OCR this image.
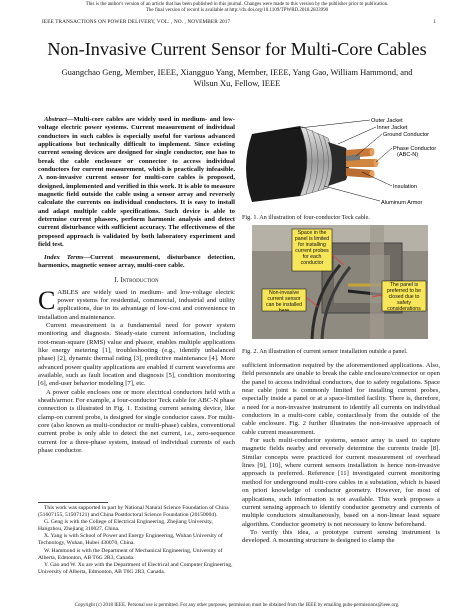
This is the author's version of an article that has been published in this journal. Changes were made to this version by the publisher prior to publication.
The final version of record is available at http://dx.doi.org/10.1109/TPWRD.2018.2833990
IEEE TRANSACTIONS ON POWER DELIVERY, VOL. , NO. , NOVEMBER 2017	1
Non-Invasive Current Sensor for Multi-Core Cables
Guangchao Geng, Member, IEEE, Xiangguo Yang, Member, IEEE, Yang Gao, William Hammond, and
Wilsun Xu, Fellow, IEEE

Abstract—Multi-core cables are widely used in medium- and low-voltage electric power systems. Current measurement of individual conductors in such cables is especially useful for various advanced applications but technically difficult to implement. Since existing current sensing devices are designed for single conductor, one has to break the cable enclosure or connector to access individual conductors for current measurement, which is practically infeasible. A non-invasive current sensor for multi-core cables is proposed, designed, implemented and verified in this work. It is able to measure magnetic field outside the cable using a sensor array and reversely calculate the currents on individual conductors. It is easy to install and adapt multiple cable specifications. Such device is able to determine current phasors, perform harmonic analysis and detect current disturbance with sufficient accuracy. The effectiveness of the proposed approach is validated by both laboratory experiment and field test.

Index Terms—Current measurement, disturbance detection, harmonics, magnetic sensor array, multi-core cable.
I. Introduction

CABLES are widely used in medium- and low-voltage electric power systems for residential, commercial, industrial and utility applications, due to its advantage of low-cost and convenience in installation and maintenance.

Current measurement is a fundamental need for power system monitoring and diagnosis. Steady-state current information, including root-mean-square (RMS) value and phasor, enables multiple applications like energy metering [1], troubleshooting (e.g., identify unbalanced phase) [2], dynamic thermal rating [3], predictive maintenance [4]. More advanced power quality applications are enabled if current waveforms are available, such as fault location and diagnosis [5], condition monitoring [6], end-user behavior modeling [7], etc.

A power cable encloses one or more electrical conductors held with a sheath/armor. For example, a four-conductor Teck cable for ABC-N phase connection is illustrated in Fig. 1. Existing current sensing device, like clamp-on current probe, is designed for single conductor cases. For multi-core (also known as multi-conductor or multi-phase) cables, conventional current probe is only able to detect the net current, i.e., zero-sequence current for a three-phase system, instead of individual currents of each phase conductor.

This work was supported in part by National Natural Science Foundation of China (51607155, 51507121) and China Postdoctoral Science Foundation (20150004).

G. Geng is with the College of Electrical Engineering, Zhejiang University, Hangzhou, Zhejiang 310027, China.

X. Yang is with School of Power and Energy Engineering, Wuhan University of Technology, Wuhan, Hubei 430070, China.

W. Hammond is with the Department of Mechanical Engineering, University of Alberta, Edmonton, AB T6G 2R3, Canada.

Y. Gao and W. Xu are with the Department of Electrical and Computer Engineering, University of Alberta, Edmonton, AB T6G 2R3, Canada.

Outer Jacket
Inner Jacket
Ground Conductor
Phase Conductor
(ABC-N)
Insulation
Aluminum Armor
Fig. 1. An illustration of four-conductor Teck cable.
Space in the panel is limited for installing current probes for each conductor
Non-invasive current sensor can be installed here
The panel is preferred to be closed due to safety considerations
Fig. 2. An illustration of current sensor installation outside a panel.

sufficient information required by the aforementioned applications. Also, field personnels are unable to break the cable enclosure/connector or open the panel to access individual conductors, due to safety regulations. Space near cable joint is commonly limited for installing current probes, especially inside a panel or at a space-limited facility. There is, therefore, a need for a non-invasive instrument to identify all currents on individual conductors in a multi-core cable, contactlessly from the outside of the cable enclosure. Fig. 2 further illustrates the non-invasive approach of cable current measurement.

For such multi-conductor systems, sensor array is used to capture magnetic fields nearby and reversely determine the currents inside [8]. Similar concepts were practiced for current measurement of overhead lines [9], [10], where current sensors installation is hence non-invasive approach is preferred. Reference [11] investigated current monitoring method for underground multi-core cables in a substation, which is based on priori knowledge of conductor geometry. However, for most of applications, such information is not available. This work proposes a current sensing approach to identify conductor geometry and currents of multiple conductors simultaneously, based on a non-linear least square algorithm. Conductor geometry is not necessary to know beforehand.

To verify this idea, a prototype current sensing instrument is developed. A mounting structure is designed to clamp the

Copyright (c) 2018 IEEE. Personal use is permitted. For any other purposes, permission must be obtained from the IEEE by emailing pubs-permissions@ieee.org.
